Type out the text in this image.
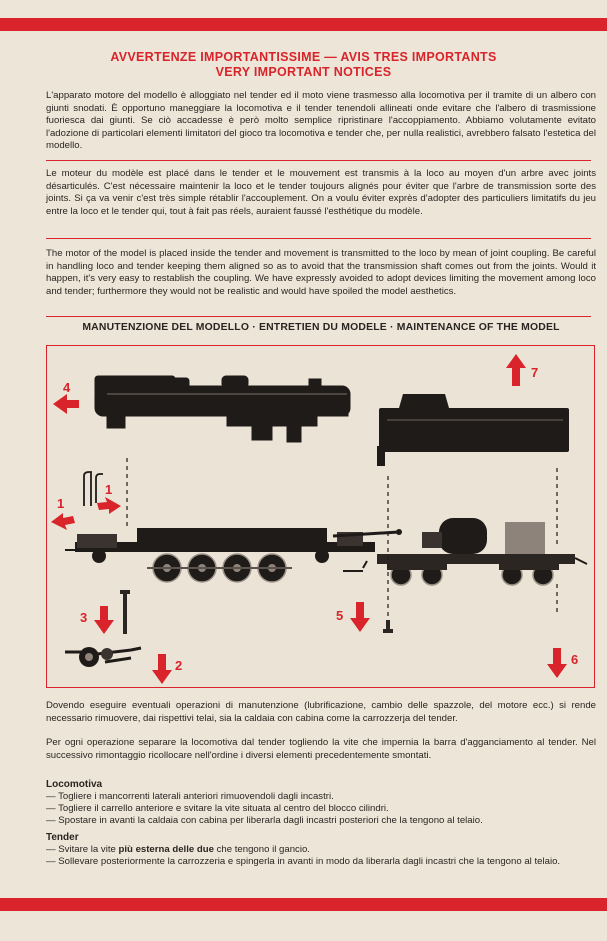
AVVERTENZE IMPORTANTISSIME — AVIS TRES IMPORTANTS
VERY IMPORTANT NOTICES
L'apparato motore del modello è alloggiato nel tender ed il moto viene trasmesso alla locomotiva per il tramite di un albero con giunti snodati. È opportuno maneggiare la locomotiva e il tender tenendoli allineati onde evitare che l'albero di trasmissione fuoriesca dai giunti. Se ciò accadesse è però molto semplice ripristinare l'accoppiamento. Abbiamo volutamente evitato l'adozione di particolari elementi limitatori del gioco tra locomotiva e tender che, per nulla realistici, avrebbero falsato l'estetica del modello.
Le moteur du modèle est placé dans le tender et le mouvement est transmis à la loco au moyen d'un arbre avec joints désarticulés. C'est nécessaire maintenir la loco et le tender toujours alignés pour éviter que l'arbre de transmission sorte des joints. Si ça va venir c'est très simple rétablir l'accouplement. On a voulu éviter exprès d'adopter des particuliers limitatifs du jeu entre la loco et le tender qui, tout à fait pas réels, auraient faussé l'esthétique du modèle.
The motor of the model is placed inside the tender and movement is transmitted to the loco by mean of joint coupling. Be careful in handling loco and tender keeping them aligned so as to avoid that the transmission shaft comes out from the joints. Would it happen, it's very easy to restablish the coupling. We have expressly avoided to adopt devices limiting the movement among loco and tender; furthermore they would not be realistic and would have spoiled the model aesthetics.
MANUTENZIONE DEL MODELLO · ENTRETIEN DU MODELE · MAINTENANCE OF THE MODEL
4
7
1
1
3
2
5
6
Dovendo eseguire eventuali operazioni di manutenzione (lubrificazione, cambio delle spazzole, del motore ecc.) si rende necessario rimuovere, dai rispettivi telai, sia la caldaia con cabina come la carrozzerja del tender.
Per ogni operazione separare la locomotiva dal tender togliendo la vite che impernia la barra d'agganciamento al tender. Nel successivo rimontaggio ricollocare nell'ordine i diversi elementi precedentemente smontati.
Locomotiva
— Togliere i mancorrenti laterali anteriori rimuovendoli dagli incastri.
— Togliere il carrello anteriore e svitare la vite situata al centro del blocco cilindri.
— Spostare in avanti la caldaia con cabina per liberarla dagli incastri posteriori che la tengono al telaio.
Tender
— Svitare la vite più esterna delle due che tengono il gancio.
— Sollevare posteriormente la carrozzeria e spingerla in avanti in modo da liberarla dagli incastri che la tengono al telaio.
